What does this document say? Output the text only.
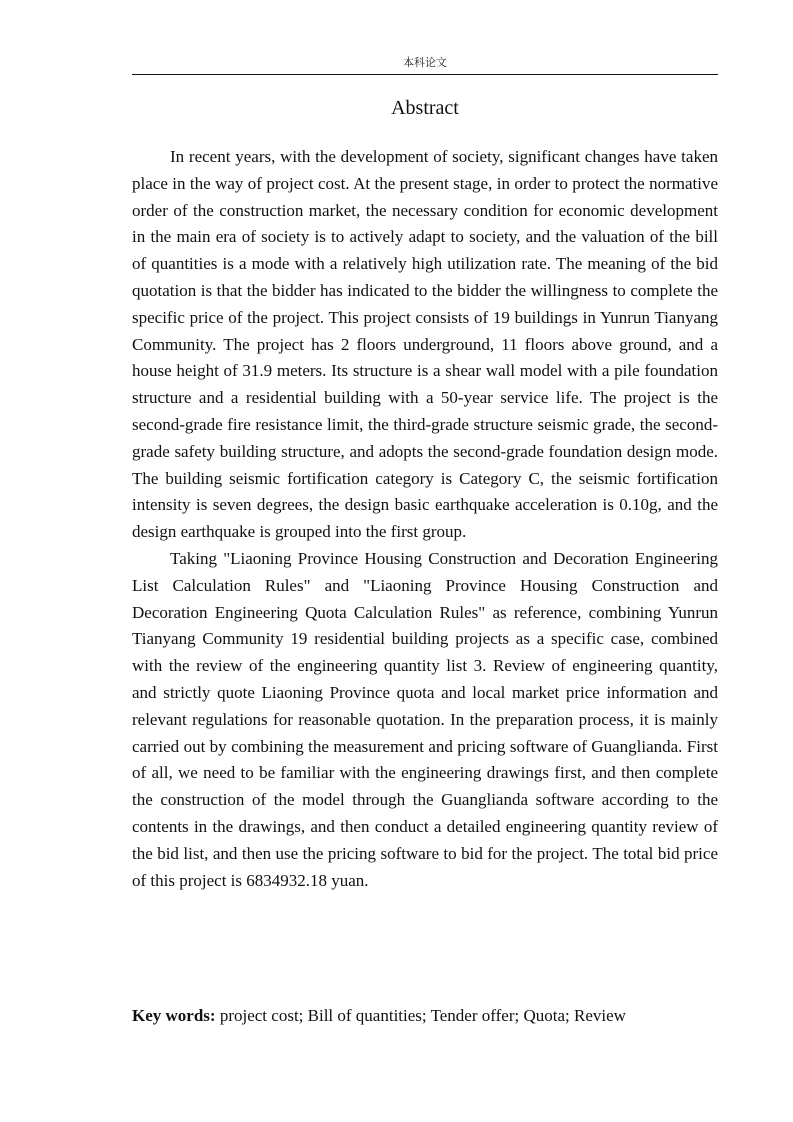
本科论文
Abstract

In recent years, with the development of society, significant changes have taken place in the way of project cost. At the present stage, in order to protect the normative order of the construction market, the necessary condition for economic development in the main era of society is to actively adapt to society, and the valuation of the bill of quantities is a mode with a relatively high utilization rate. The meaning of the bid quotation is that the bidder has indicated to the bidder the willingness to complete the specific price of the project. This project consists of 19 buildings in Yunrun Tianyang Community. The project has 2 floors underground, 11 floors above ground, and a house height of 31.9 meters. Its structure is a shear wall model with a pile foundation structure and a residential building with a 50-year service life. The project is the second-grade fire resistance limit, the third-grade structure seismic grade, the second-grade safety building structure, and adopts the second-grade foundation design mode. The building seismic fortification category is Category C, the seismic fortification intensity is seven degrees, the design basic earthquake acceleration is 0.10g, and the design earthquake is grouped into the first group.

Taking "Liaoning Province Housing Construction and Decoration Engineering List Calculation Rules" and "Liaoning Province Housing Construction and Decoration Engineering Quota Calculation Rules" as reference, combining Yunrun Tianyang Community 19 residential building projects as a specific case, combined with the review of the engineering quantity list 3. Review of engineering quantity, and strictly quote Liaoning Province quota and local market price information and relevant regulations for reasonable quotation. In the preparation process, it is mainly carried out by combining the measurement and pricing software of Guanglianda. First of all, we need to be familiar with the engineering drawings first, and then complete the construction of the model through the Guanglianda software according to the contents in the drawings, and then conduct a detailed engineering quantity review of the bid list, and then use the pricing software to bid for the project. The total bid price of this project is 6834932.18 yuan.

Key words: project cost; Bill of quantities; Tender offer; Quota; Review
